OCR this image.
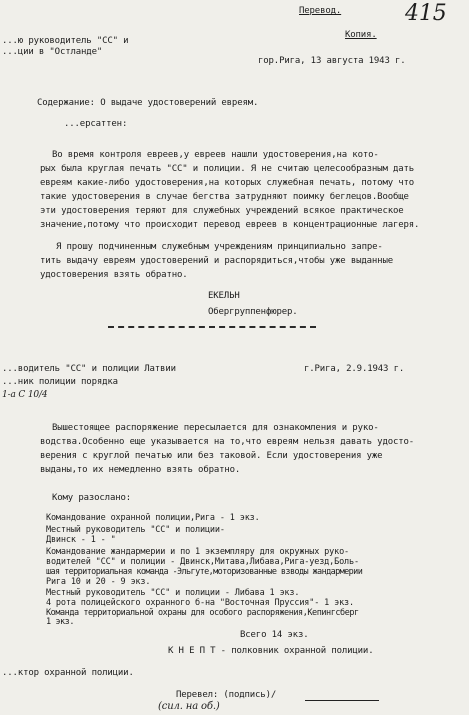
415
Перевод.
Копия.
...ю руководитель "СС" и
...ции в "Остланде"
гор.Рига, 13 августа 1943 г.
Содержание: О выдаче удостоверений евреям.
...ерсаттен:
Во время контроля евреев,у евреев нашли удостоверения,на кото-
рых была круглая печать "СС" и полиции. Я не считаю целесообразным дать
евреям какие-либо удостоверения,на которых служебная печать, потому что
такие удостоверения в случае бегства затрудняют поимку беглецов.Вообще
эти удостоверения теряют для служебных учреждений всякое практическое
значение,потому что происходит перевод евреев в концентрационные лагеря.
Я прошу подчиненным служебным учреждениям принципиально запре-
тить выдачу евреям удостоверений и распорядиться,чтобы уже выданные
удостоверения взять обратно.
ЕКЕЛЬН
Обергруппенфюрер.
...водитель "СС" и полиции Латвии
...ник полиции порядка
1-a С 10/4
г.Рига, 2.9.1943 г.
Вышестоящее распоряжение пересылается для ознакомления и руко-
водства.Особенно еще указывается на то,что евреям нельзя давать удосто-
верения с круглой печатью или без таковой. Если удостоверения уже
выданы,то их немедленно взять обратно.
Кому разослано:
Командование охранной полиции,Рига - 1 экз.
Местный руководитель "СС" и полиции-
Двинск - 1 - "
Командование жандармерии и по 1 экземпляру для окружных руко-
водителей "СС" и полиции - Двинск,Митава,Либава,Рига-уезд,Боль-
шая территориальная команда -Эльгуте,моторизованные взводы жандармерии
Рига 10 и 20 - 9 экз.
Местный руководитель "СС" и полиции - Либава 1 экз.
4 рота полицейского охранного б-на "Восточная Пруссия"- 1 экз.
Команда территориальной охраны для особого распоряжения,Кепингсберг
1 экз.
Всего 14 экз.
К Н Е П Т - полковник охранной полиции.
...ктор охранной полиции.
Перевел: (подпись)/
(сил. на об.)
